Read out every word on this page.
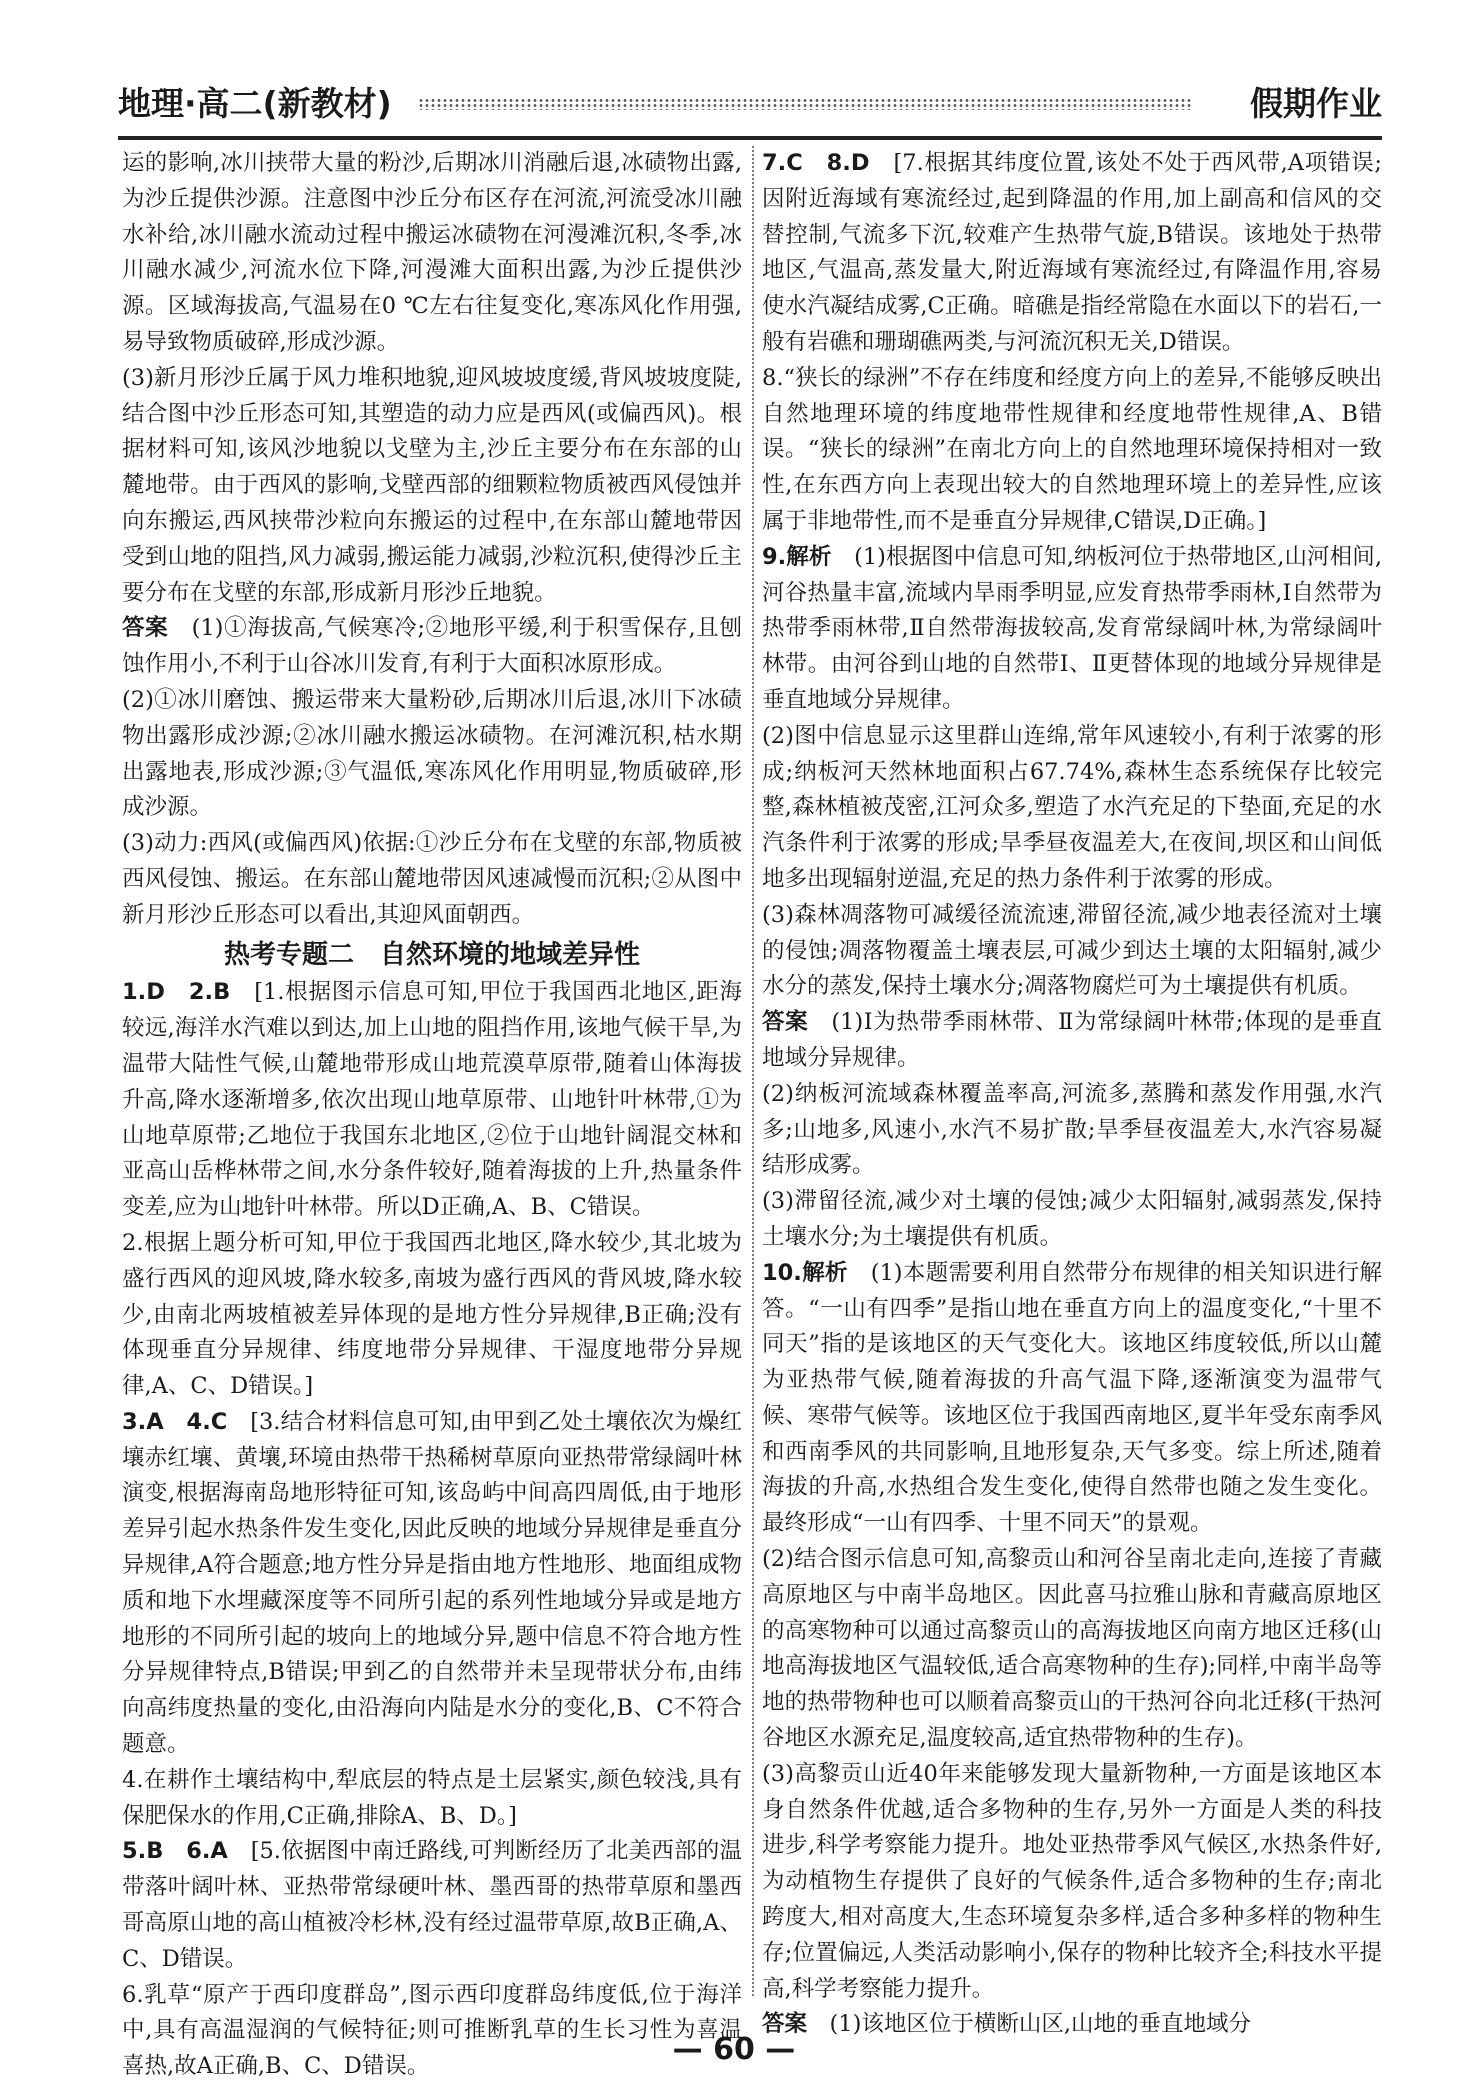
地理·高二(新教材)	假期作业

运的影响,冰川挟带大量的粉沙,后期冰川消融后退,冰碛物出露,为沙丘提供沙源。注意图中沙丘分布区存在河流,河流受冰川融水补给,冰川融水流动过程中搬运冰碛物在河漫滩沉积,冬季,冰川融水减少,河流水位下降,河漫滩大面积出露,为沙丘提供沙源。区域海拔高,气温易在0 ℃左右往复变化,寒冻风化作用强,易导致物质破碎,形成沙源。

(3)新月形沙丘属于风力堆积地貌,迎风坡坡度缓,背风坡坡度陡,结合图中沙丘形态可知,其塑造的动力应是西风(或偏西风)。根据材料可知,该风沙地貌以戈壁为主,沙丘主要分布在东部的山麓地带。由于西风的影响,戈壁西部的细颗粒物质被西风侵蚀并向东搬运,西风挟带沙粒向东搬运的过程中,在东部山麓地带因受到山地的阻挡,风力减弱,搬运能力减弱,沙粒沉积,使得沙丘主要分布在戈壁的东部,形成新月形沙丘地貌。

答案　 (1)①海拔高,气候寒冷;②地形平缓,利于积雪保存,且刨蚀作用小,不利于山谷冰川发育,有利于大面积冰原形成。

(2)①冰川磨蚀、搬运带来大量粉砂,后期冰川后退,冰川下冰碛物出露形成沙源;②冰川融水搬运冰碛物。在河滩沉积,枯水期出露地表,形成沙源;③气温低,寒冻风化作用明显,物质破碎,形成沙源。

(3)动力:西风(或偏西风)依据:①沙丘分布在戈壁的东部,物质被西风侵蚀、搬运。在东部山麓地带因风速减慢而沉积;②从图中新月形沙丘形态可以看出,其迎风面朝西。

热考专题二　自然环境的地域差异性

1.D　2.B　 [1.根据图示信息可知,甲位于我国西北地区,距海较远,海洋水汽难以到达,加上山地的阻挡作用,该地气候干旱,为温带大陆性气候,山麓地带形成山地荒漠草原带,随着山体海拔升高,降水逐渐增多,依次出现山地草原带、山地针叶林带,①为山地草原带;乙地位于我国东北地区,②位于山地针阔混交林和亚高山岳桦林带之间,水分条件较好,随着海拔的上升,热量条件变差,应为山地针叶林带。所以D正确,A、B、C错误。

2.根据上题分析可知,甲位于我国西北地区,降水较少,其北坡为盛行西风的迎风坡,降水较多,南坡为盛行西风的背风坡,降水较少,由南北两坡植被差异体现的是地方性分异规律,B正确;没有体现垂直分异规律、纬度地带分异规律、干湿度地带分异规律,A、C、D错误。]

3.A　4.C　 [3.结合材料信息可知,由甲到乙处土壤依次为燥红壤赤红壤、黄壤,环境由热带干热稀树草原向亚热带常绿阔叶林演变,根据海南岛地形特征可知,该岛屿中间高四周低,由于地形差异引起水热条件发生变化,因此反映的地域分异规律是垂直分异规律,A符合题意;地方性分异是指由地方性地形、地面组成物质和地下水埋藏深度等不同所引起的系列性地域分异或是地方地形的不同所引起的坡向上的地域分异,题中信息不符合地方性分异规律特点,B错误;甲到乙的自然带并未呈现带状分布,由纬向高纬度热量的变化,由沿海向内陆是水分的变化,B、C不符合题意。

4.在耕作土壤结构中,犁底层的特点是土层紧实,颜色较浅,具有保肥保水的作用,C正确,排除A、B、D。]

5.B　6.A　 [5.依据图中南迁路线,可判断经历了北美西部的温带落叶阔叶林、亚热带常绿硬叶林、墨西哥的热带草原和墨西哥高原山地的高山植被冷杉林,没有经过温带草原,故B正确,A、C、D错误。

6.乳草“原产于西印度群岛”,图示西印度群岛纬度低,位于海洋中,具有高温湿润的气候特征;则可推断乳草的生长习性为喜温喜热,故A正确,B、C、D错误。

7.C　8.D　 [7.根据其纬度位置,该处不处于西风带,A项错误;因附近海域有寒流经过,起到降温的作用,加上副高和信风的交替控制,气流多下沉,较难产生热带气旋,B错误。该地处于热带地区,气温高,蒸发量大,附近海域有寒流经过,有降温作用,容易使水汽凝结成雾,C正确。暗礁是指经常隐在水面以下的岩石,一般有岩礁和珊瑚礁两类,与河流沉积无关,D错误。

8.“狭长的绿洲”不存在纬度和经度方向上的差异,不能够反映出自然地理环境的纬度地带性规律和经度地带性规律,A、B错误。“狭长的绿洲”在南北方向上的自然地理环境保持相对一致性,在东西方向上表现出较大的自然地理环境上的差异性,应该属于非地带性,而不是垂直分异规律,C错误,D正确。]

9.解析　 (1)根据图中信息可知,纳板河位于热带地区,山河相间,河谷热量丰富,流域内旱雨季明显,应发育热带季雨林,Ⅰ自然带为热带季雨林带,Ⅱ自然带海拔较高,发育常绿阔叶林,为常绿阔叶林带。由河谷到山地的自然带Ⅰ、Ⅱ更替体现的地域分异规律是垂直地域分异规律。

(2)图中信息显示这里群山连绵,常年风速较小,有利于浓雾的形成;纳板河天然林地面积占67.74%,森林生态系统保存比较完整,森林植被茂密,江河众多,塑造了水汽充足的下垫面,充足的水汽条件利于浓雾的形成;旱季昼夜温差大,在夜间,坝区和山间低地多出现辐射逆温,充足的热力条件利于浓雾的形成。

(3)森林凋落物可减缓径流流速,滞留径流,减少地表径流对土壤的侵蚀;凋落物覆盖土壤表层,可减少到达土壤的太阳辐射,减少水分的蒸发,保持土壤水分;凋落物腐烂可为土壤提供有机质。

答案　 (1)Ⅰ为热带季雨林带、Ⅱ为常绿阔叶林带;体现的是垂直地域分异规律。

(2)纳板河流域森林覆盖率高,河流多,蒸腾和蒸发作用强,水汽多;山地多,风速小,水汽不易扩散;旱季昼夜温差大,水汽容易凝结形成雾。

(3)滞留径流,减少对土壤的侵蚀;减少太阳辐射,减弱蒸发,保持土壤水分;为土壤提供有机质。

10.解析　 (1)本题需要利用自然带分布规律的相关知识进行解答。“一山有四季”是指山地在垂直方向上的温度变化,“十里不同天”指的是该地区的天气变化大。该地区纬度较低,所以山麓为亚热带气候,随着海拔的升高气温下降,逐渐演变为温带气候、寒带气候等。该地区位于我国西南地区,夏半年受东南季风和西南季风的共同影响,且地形复杂,天气多变。综上所述,随着海拔的升高,水热组合发生变化,使得自然带也随之发生变化。最终形成“一山有四季、十里不同天”的景观。

(2)结合图示信息可知,高黎贡山和河谷呈南北走向,连接了青藏高原地区与中南半岛地区。因此喜马拉雅山脉和青藏高原地区的高寒物种可以通过高黎贡山的高海拔地区向南方地区迁移(山地高海拔地区气温较低,适合高寒物种的生存);同样,中南半岛等地的热带物种也可以顺着高黎贡山的干热河谷向北迁移(干热河谷地区水源充足,温度较高,适宜热带物种的生存)。

(3)高黎贡山近40年来能够发现大量新物种,一方面是该地区本身自然条件优越,适合多物种的生存,另外一方面是人类的科技进步,科学考察能力提升。地处亚热带季风气候区,水热条件好,为动植物生存提供了良好的气候条件,适合多物种的生存;南北跨度大,相对高度大,生态环境复杂多样,适合多种多样的物种生存;位置偏远,人类活动影响小,保存的物种比较齐全;科技水平提高,科学考察能力提升。

答案　 (1)该地区位于横断山区,山地的垂直地域分

— 60 —
